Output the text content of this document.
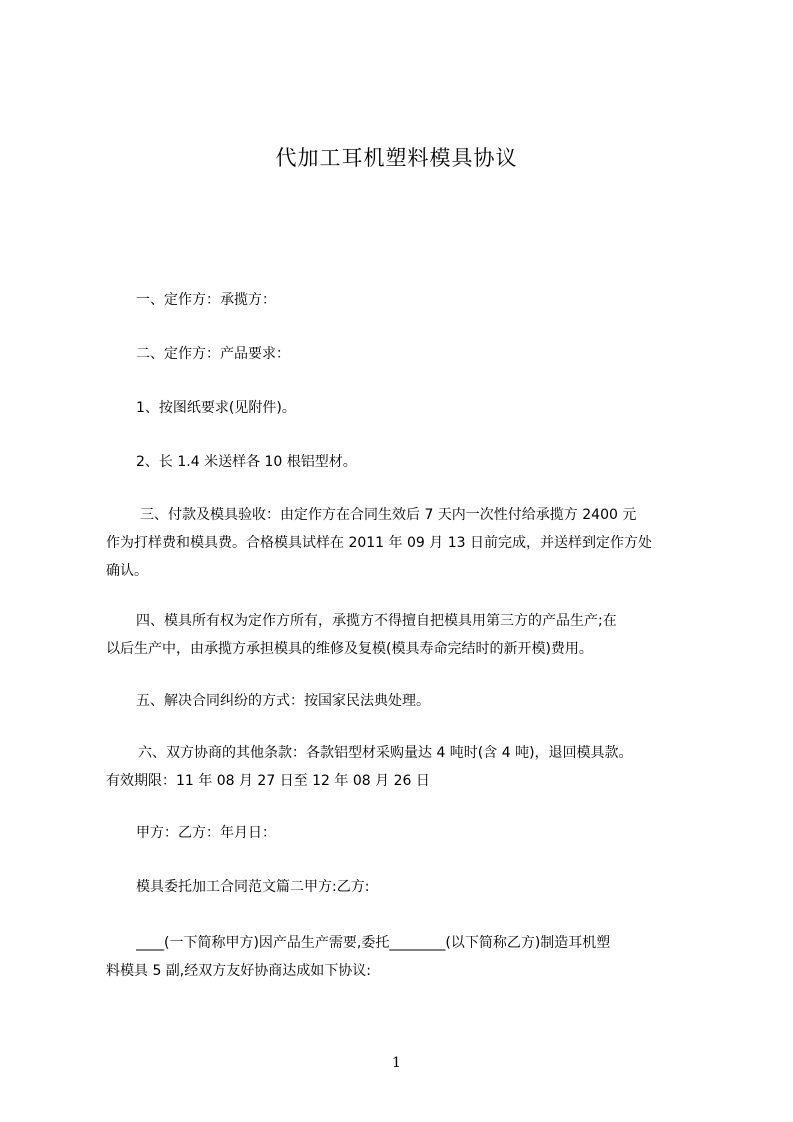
代加工耳机塑料模具协议
一、定作方：承揽方：
二、定作方：产品要求：
1、按图纸要求(见附件)。
2、长 1.4 米送样各 10 根铝型材。
三、付款及模具验收：由定作方在合同生效后 7 天内一次性付给承揽方 2400 元
作为打样费和模具费。合格模具试样在 2011 年 09 月 13 日前完成，并送样到定作方处
确认。
四、模具所有权为定作方所有，承揽方不得擅自把模具用第三方的产品生产;在
以后生产中，由承揽方承担模具的维修及复模(模具寿命完结时的新开模)费用。
五、解决合同纠纷的方式：按国家民法典处理。
六、双方协商的其他条款：各款铝型材采购量达 4 吨时(含 4 吨)，退回模具款。
有效期限：11 年 08 月 27 日至 12 年 08 月 26 日
甲方：乙方：年月日：
模具委托加工合同范文篇二甲方:乙方:
____(一下简称甲方)因产品生产需要,委托________(以下简称乙方)制造耳机塑
料模具 5 副,经双方友好协商达成如下协议:
1
